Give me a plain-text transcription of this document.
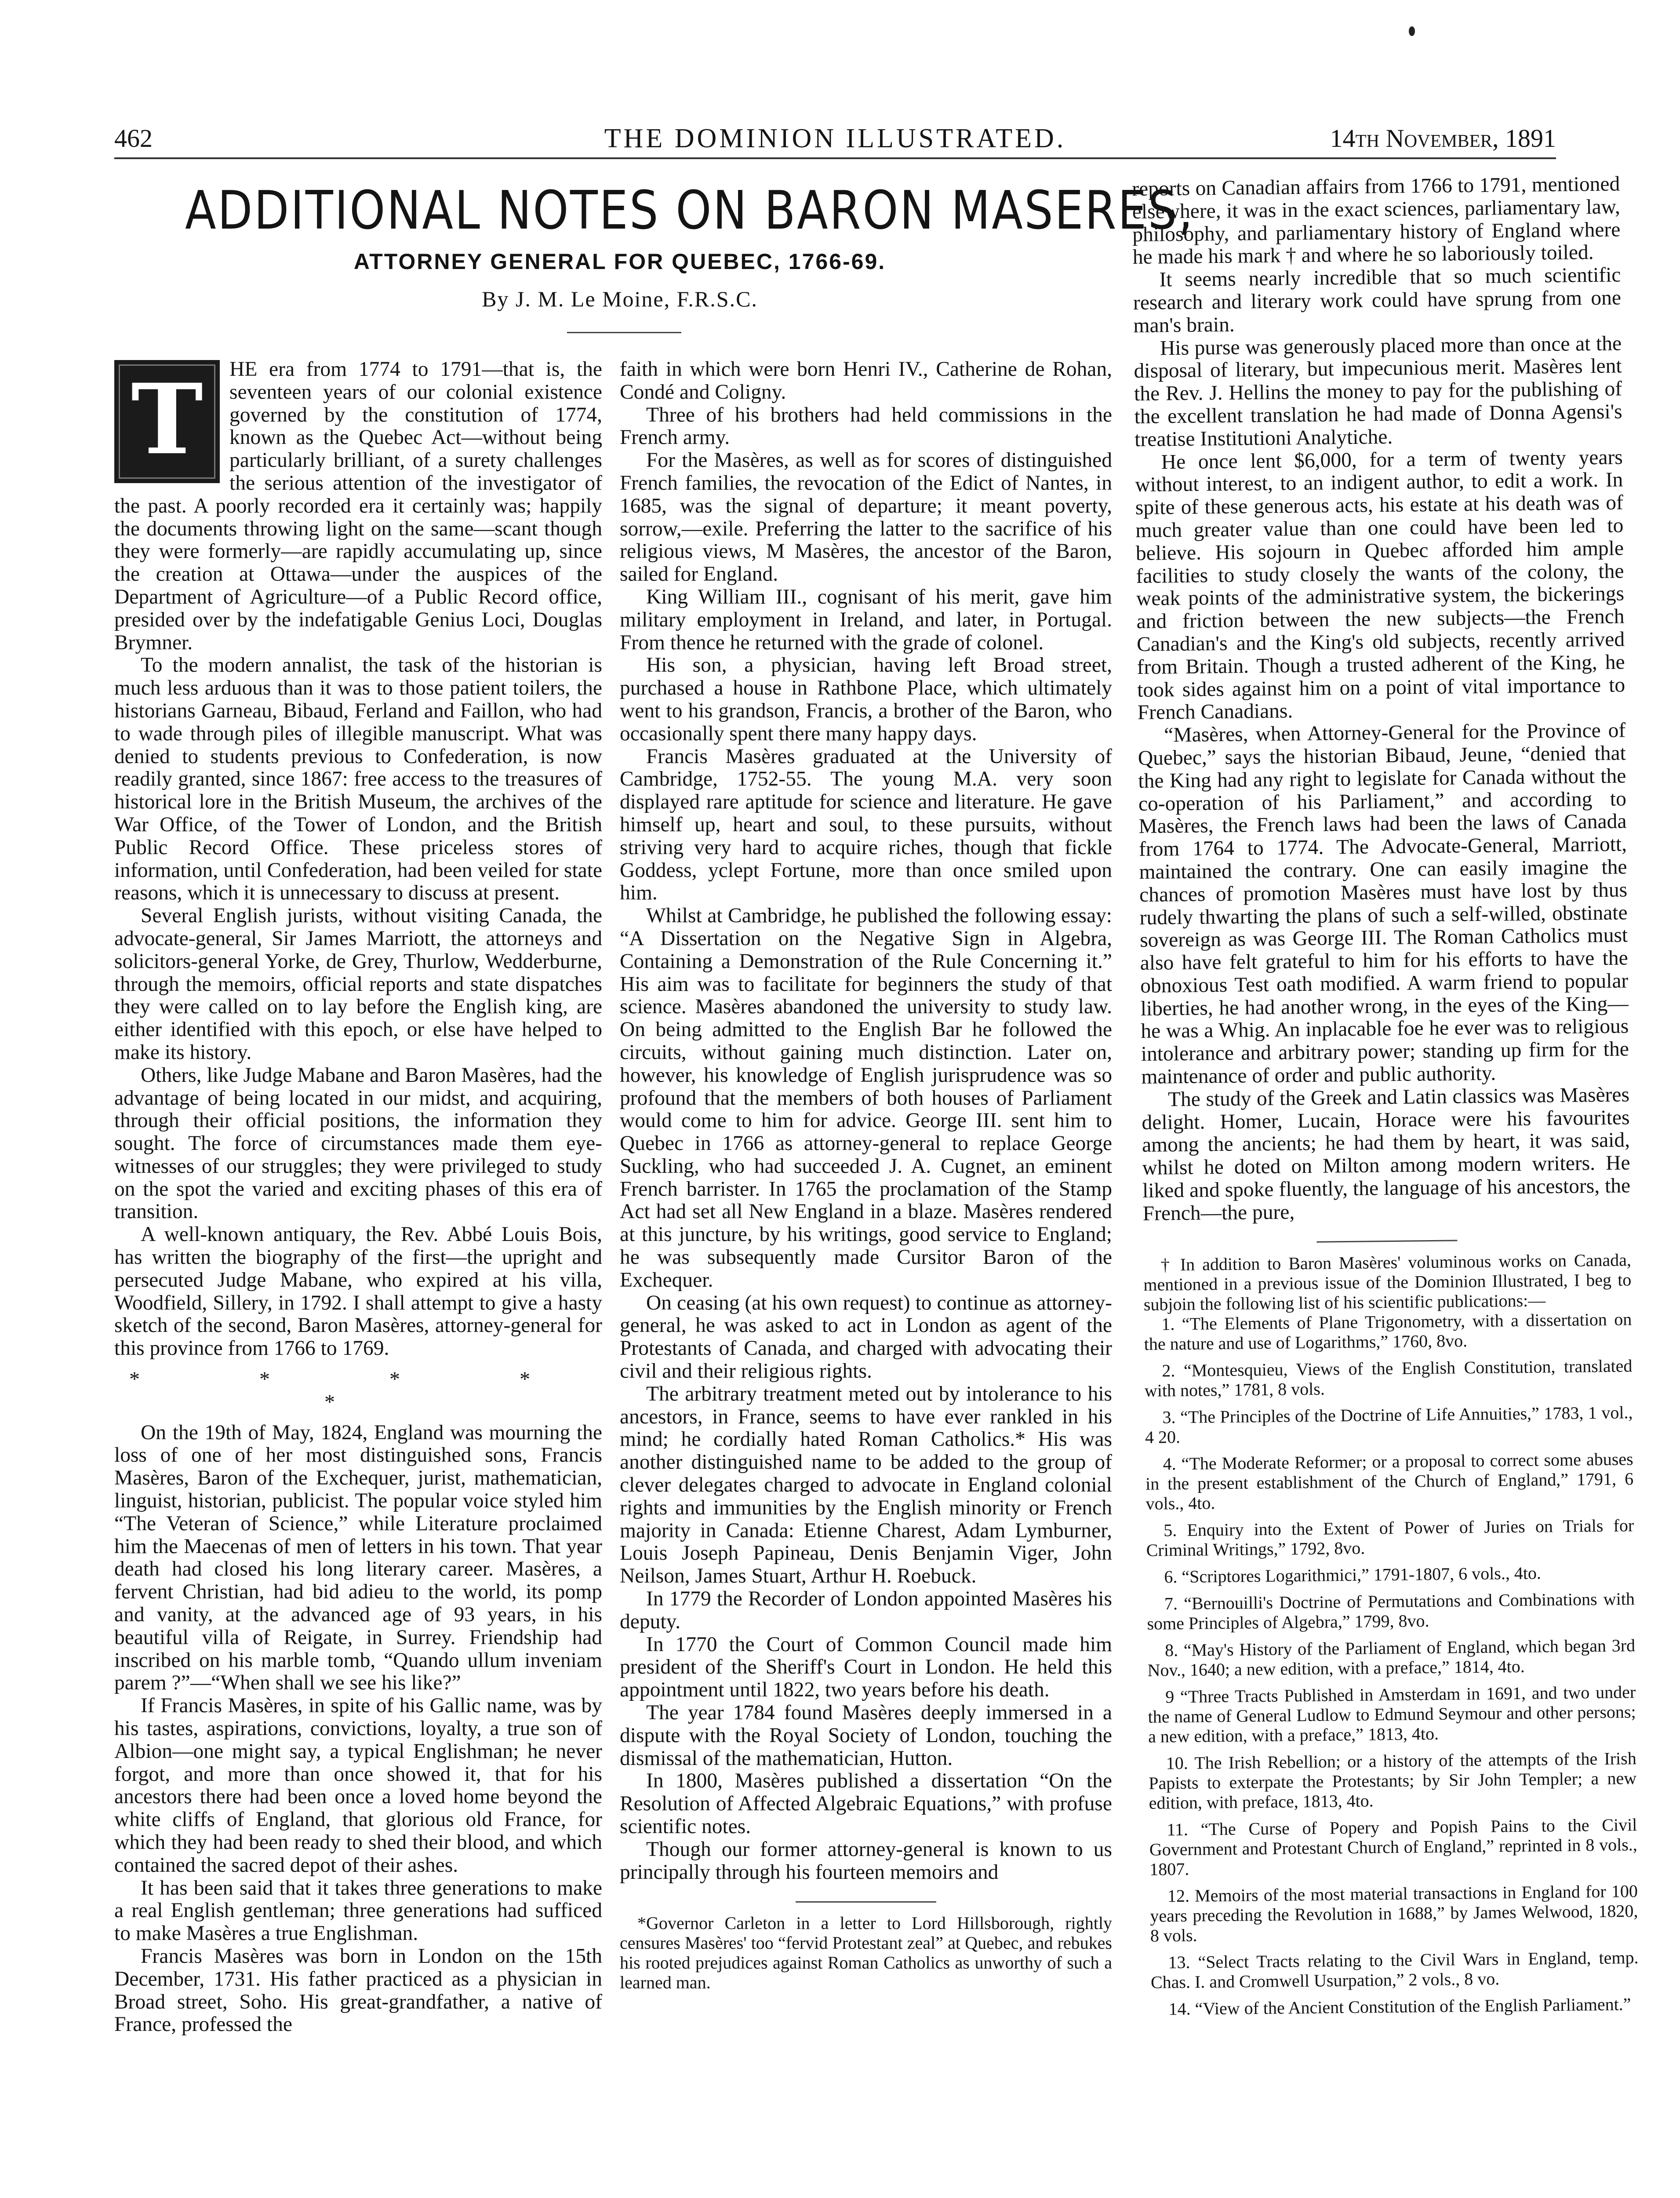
462	THE DOMINION ILLUSTRATED.	14th November, 1891
ADDITIONAL NOTES ON BARON MASERES,
ATTORNEY GENERAL FOR QUEBEC, 1766-69.
By J. M. Le Moine, F.R.S.C.
T	HE era from 1774 to 1791—that is, the seventeen years of our colonial existence governed by the constitution of 1774, known as the Quebec Act—without being particularly brilliant, of a surety challenges the serious attention of the investigator of the past. A poorly recorded era it certainly was; happily the documents throwing light on the same—scant though they were formerly—are rapidly accumulating up, since the creation at Ottawa—under the auspices of the Department of Agriculture—of a Public Record office, presided over by the indefatigable Genius Loci, Douglas Brymner.

To the modern annalist, the task of the historian is much less arduous than it was to those patient toilers, the historians Garneau, Bibaud, Ferland and Faillon, who had to wade through piles of illegible manuscript. What was denied to students previous to Confederation, is now readily granted, since 1867: free access to the treasures of historical lore in the British Museum, the archives of the War Office, of the Tower of London, and the British Public Record Office. These priceless stores of information, until Confederation, had been veiled for state reasons, which it is unnecessary to discuss at present.

Several English jurists, without visiting Canada, the advocate-general, Sir James Marriott, the attorneys and solicitors-general Yorke, de Grey, Thurlow, Wedderburne, through the memoirs, official reports and state dispatches they were called on to lay before the English king, are either identified with this epoch, or else have helped to make its history.

Others, like Judge Mabane and Baron Masères, had the advantage of being located in our midst, and acquiring, through their official positions, the information they sought. The force of circumstances made them eye-witnesses of our struggles; they were privileged to study on the spot the varied and exciting phases of this era of transition.

A well-known antiquary, the Rev. Abbé Louis Bois, has written the biography of the first—the upright and persecuted Judge Mabane, who expired at his villa, Woodfield, Sillery, in 1792. I shall attempt to give a hasty sketch of the second, Baron Masères, attorney-general for this province from 1766 to 1769.

* * * * *

On the 19th of May, 1824, England was mourning the loss of one of her most distinguished sons, Francis Masères, Baron of the Exchequer, jurist, mathematician, linguist, historian, publicist. The popular voice styled him “The Veteran of Science,” while Literature proclaimed him the Maecenas of men of letters in his town. That year death had closed his long literary career. Masères, a fervent Christian, had bid adieu to the world, its pomp and vanity, at the advanced age of 93 years, in his beautiful villa of Reigate, in Surrey. Friendship had inscribed on his marble tomb, “Quando ullum inveniam parem ?”—“When shall we see his like?”

If Francis Masères, in spite of his Gallic name, was by his tastes, aspirations, convictions, loyalty, a true son of Albion—one might say, a typical Englishman; he never forgot, and more than once showed it, that for his ancestors there had been once a loved home beyond the white cliffs of England, that glorious old France, for which they had been ready to shed their blood, and which contained the sacred depot of their ashes.

It has been said that it takes three generations to make a real English gentleman; three generations had sufficed to make Masères a true Englishman.

Francis Masères was born in London on the 15th December, 1731. His father practiced as a physician in Broad street, Soho. His great-grandfather, a native of France, professed the

faith in which were born Henri IV., Catherine de Rohan, Condé and Coligny.

Three of his brothers had held commissions in the French army.

For the Masères, as well as for scores of distinguished French families, the revocation of the Edict of Nantes, in 1685, was the signal of departure; it meant poverty, sorrow,—exile. Preferring the latter to the sacrifice of his religious views, M Masères, the ancestor of the Baron, sailed for England.

King William III., cognisant of his merit, gave him military employment in Ireland, and later, in Portugal. From thence he returned with the grade of colonel.

His son, a physician, having left Broad street, purchased a house in Rathbone Place, which ultimately went to his grandson, Francis, a brother of the Baron, who occasionally spent there many happy days.

Francis Masères graduated at the University of Cambridge, 1752-55. The young M.A. very soon displayed rare aptitude for science and literature. He gave himself up, heart and soul, to these pursuits, without striving very hard to acquire riches, though that fickle Goddess, yclept Fortune, more than once smiled upon him.

Whilst at Cambridge, he published the following essay: “A Dissertation on the Negative Sign in Algebra, Containing a Demonstration of the Rule Concerning it.” His aim was to facilitate for beginners the study of that science. Masères abandoned the university to study law. On being admitted to the English Bar he followed the circuits, without gaining much distinction. Later on, however, his knowledge of English jurisprudence was so profound that the members of both houses of Parliament would come to him for advice. George III. sent him to Quebec in 1766 as attorney-general to replace George Suckling, who had succeeded J. A. Cugnet, an eminent French barrister. In 1765 the proclamation of the Stamp Act had set all New England in a blaze. Masères rendered at this juncture, by his writings, good service to England; he was subsequently made Cursitor Baron of the Exchequer.

On ceasing (at his own request) to continue as attorney-general, he was asked to act in London as agent of the Protestants of Canada, and charged with advocating their civil and their religious rights.

The arbitrary treatment meted out by intolerance to his ancestors, in France, seems to have ever rankled in his mind; he cordially hated Roman Catholics.* His was another distinguished name to be added to the group of clever delegates charged to advocate in England colonial rights and immunities by the English minority or French majority in Canada: Etienne Charest, Adam Lymburner, Louis Joseph Papineau, Denis Benjamin Viger, John Neilson, James Stuart, Arthur H. Roebuck.

In 1779 the Recorder of London appointed Masères his deputy.

In 1770 the Court of Common Council made him president of the Sheriff's Court in London. He held this appointment until 1822, two years before his death.

The year 1784 found Masères deeply immersed in a dispute with the Royal Society of London, touching the dismissal of the mathematician, Hutton.

In 1800, Masères published a dissertation “On the Resolution of Affected Algebraic Equations,” with profuse scientific notes.

Though our former attorney-general is known to us principally through his fourteen memoirs and

*Governor Carleton in a letter to Lord Hillsborough, rightly censures Masères' too “fervid Protestant zeal” at Quebec, and rebukes his rooted prejudices against Roman Catholics as unworthy of such a learned man.

reports on Canadian affairs from 1766 to 1791, mentioned elsewhere, it was in the exact sciences, parliamentary law, philosophy, and parliamentary history of England where he made his mark † and where he so laboriously toiled.

It seems nearly incredible that so much scientific research and literary work could have sprung from one man's brain.

His purse was generously placed more than once at the disposal of literary, but impecunious merit. Masères lent the Rev. J. Hellins the money to pay for the publishing of the excellent translation he had made of Donna Agensi's treatise Institutioni Analytiche.

He once lent $6,000, for a term of twenty years without interest, to an indigent author, to edit a work. In spite of these generous acts, his estate at his death was of much greater value than one could have been led to believe. His sojourn in Quebec afforded him ample facilities to study closely the wants of the colony, the weak points of the administrative system, the bickerings and friction between the new subjects—the French Canadian's and the King's old subjects, recently arrived from Britain. Though a trusted adherent of the King, he took sides against him on a point of vital importance to French Canadians.

“Masères, when Attorney-General for the Province of Quebec,” says the historian Bibaud, Jeune, “denied that the King had any right to legislate for Canada without the co-operation of his Parliament,” and according to Masères, the French laws had been the laws of Canada from 1764 to 1774. The Advocate-General, Marriott, maintained the contrary. One can easily imagine the chances of promotion Masères must have lost by thus rudely thwarting the plans of such a self-willed, obstinate sovereign as was George III. The Roman Catholics must also have felt grateful to him for his efforts to have the obnoxious Test oath modified. A warm friend to popular liberties, he had another wrong, in the eyes of the King—he was a Whig. An inplacable foe he ever was to religious intolerance and arbitrary power; standing up firm for the maintenance of order and public authority.

The study of the Greek and Latin classics was Masères delight. Homer, Lucain, Horace were his favourites among the ancients; he had them by heart, it was said, whilst he doted on Milton among modern writers. He liked and spoke fluently, the language of his ancestors, the French—the pure,

† In addition to Baron Masères' voluminous works on Canada, mentioned in a previous issue of the Dominion Illustrated, I beg to subjoin the following list of his scientific publications:—

1. “The Elements of Plane Trigonometry, with a dissertation on the nature and use of Logarithms,” 1760, 8vo.

2. “Montesquieu, Views of the English Constitution, translated with notes,” 1781, 8 vols.

3. “The Principles of the Doctrine of Life Annuities,” 1783, 1 vol., 4 20.

4. “The Moderate Reformer; or a proposal to correct some abuses in the present establishment of the Church of England,” 1791, 6 vols., 4to.

5. Enquiry into the Extent of Power of Juries on Trials for Criminal Writings,” 1792, 8vo.

6. “Scriptores Logarithmici,” 1791-1807, 6 vols., 4to.

7. “Bernouilli's Doctrine of Permutations and Combinations with some Principles of Algebra,” 1799, 8vo.

8. “May's History of the Parliament of England, which began 3rd Nov., 1640; a new edition, with a preface,” 1814, 4to.

9 “Three Tracts Published in Amsterdam in 1691, and two under the name of General Ludlow to Edmund Seymour and other persons; a new edition, with a preface,” 1813, 4to.

10. The Irish Rebellion; or a history of the attempts of the Irish Papists to exterpate the Protestants; by Sir John Templer; a new edition, with preface, 1813, 4to.

11. “The Curse of Popery and Popish Pains to the Civil Government and Protestant Church of England,” reprinted in 8 vols., 1807.

12. Memoirs of the most material transactions in England for 100 years preceding the Revolution in 1688,” by James Welwood, 1820, 8 vols.

13. “Select Tracts relating to the Civil Wars in England, temp. Chas. I. and Cromwell Usurpation,” 2 vols., 8 vo.

14. “View of the Ancient Constitution of the English Parliament.”
